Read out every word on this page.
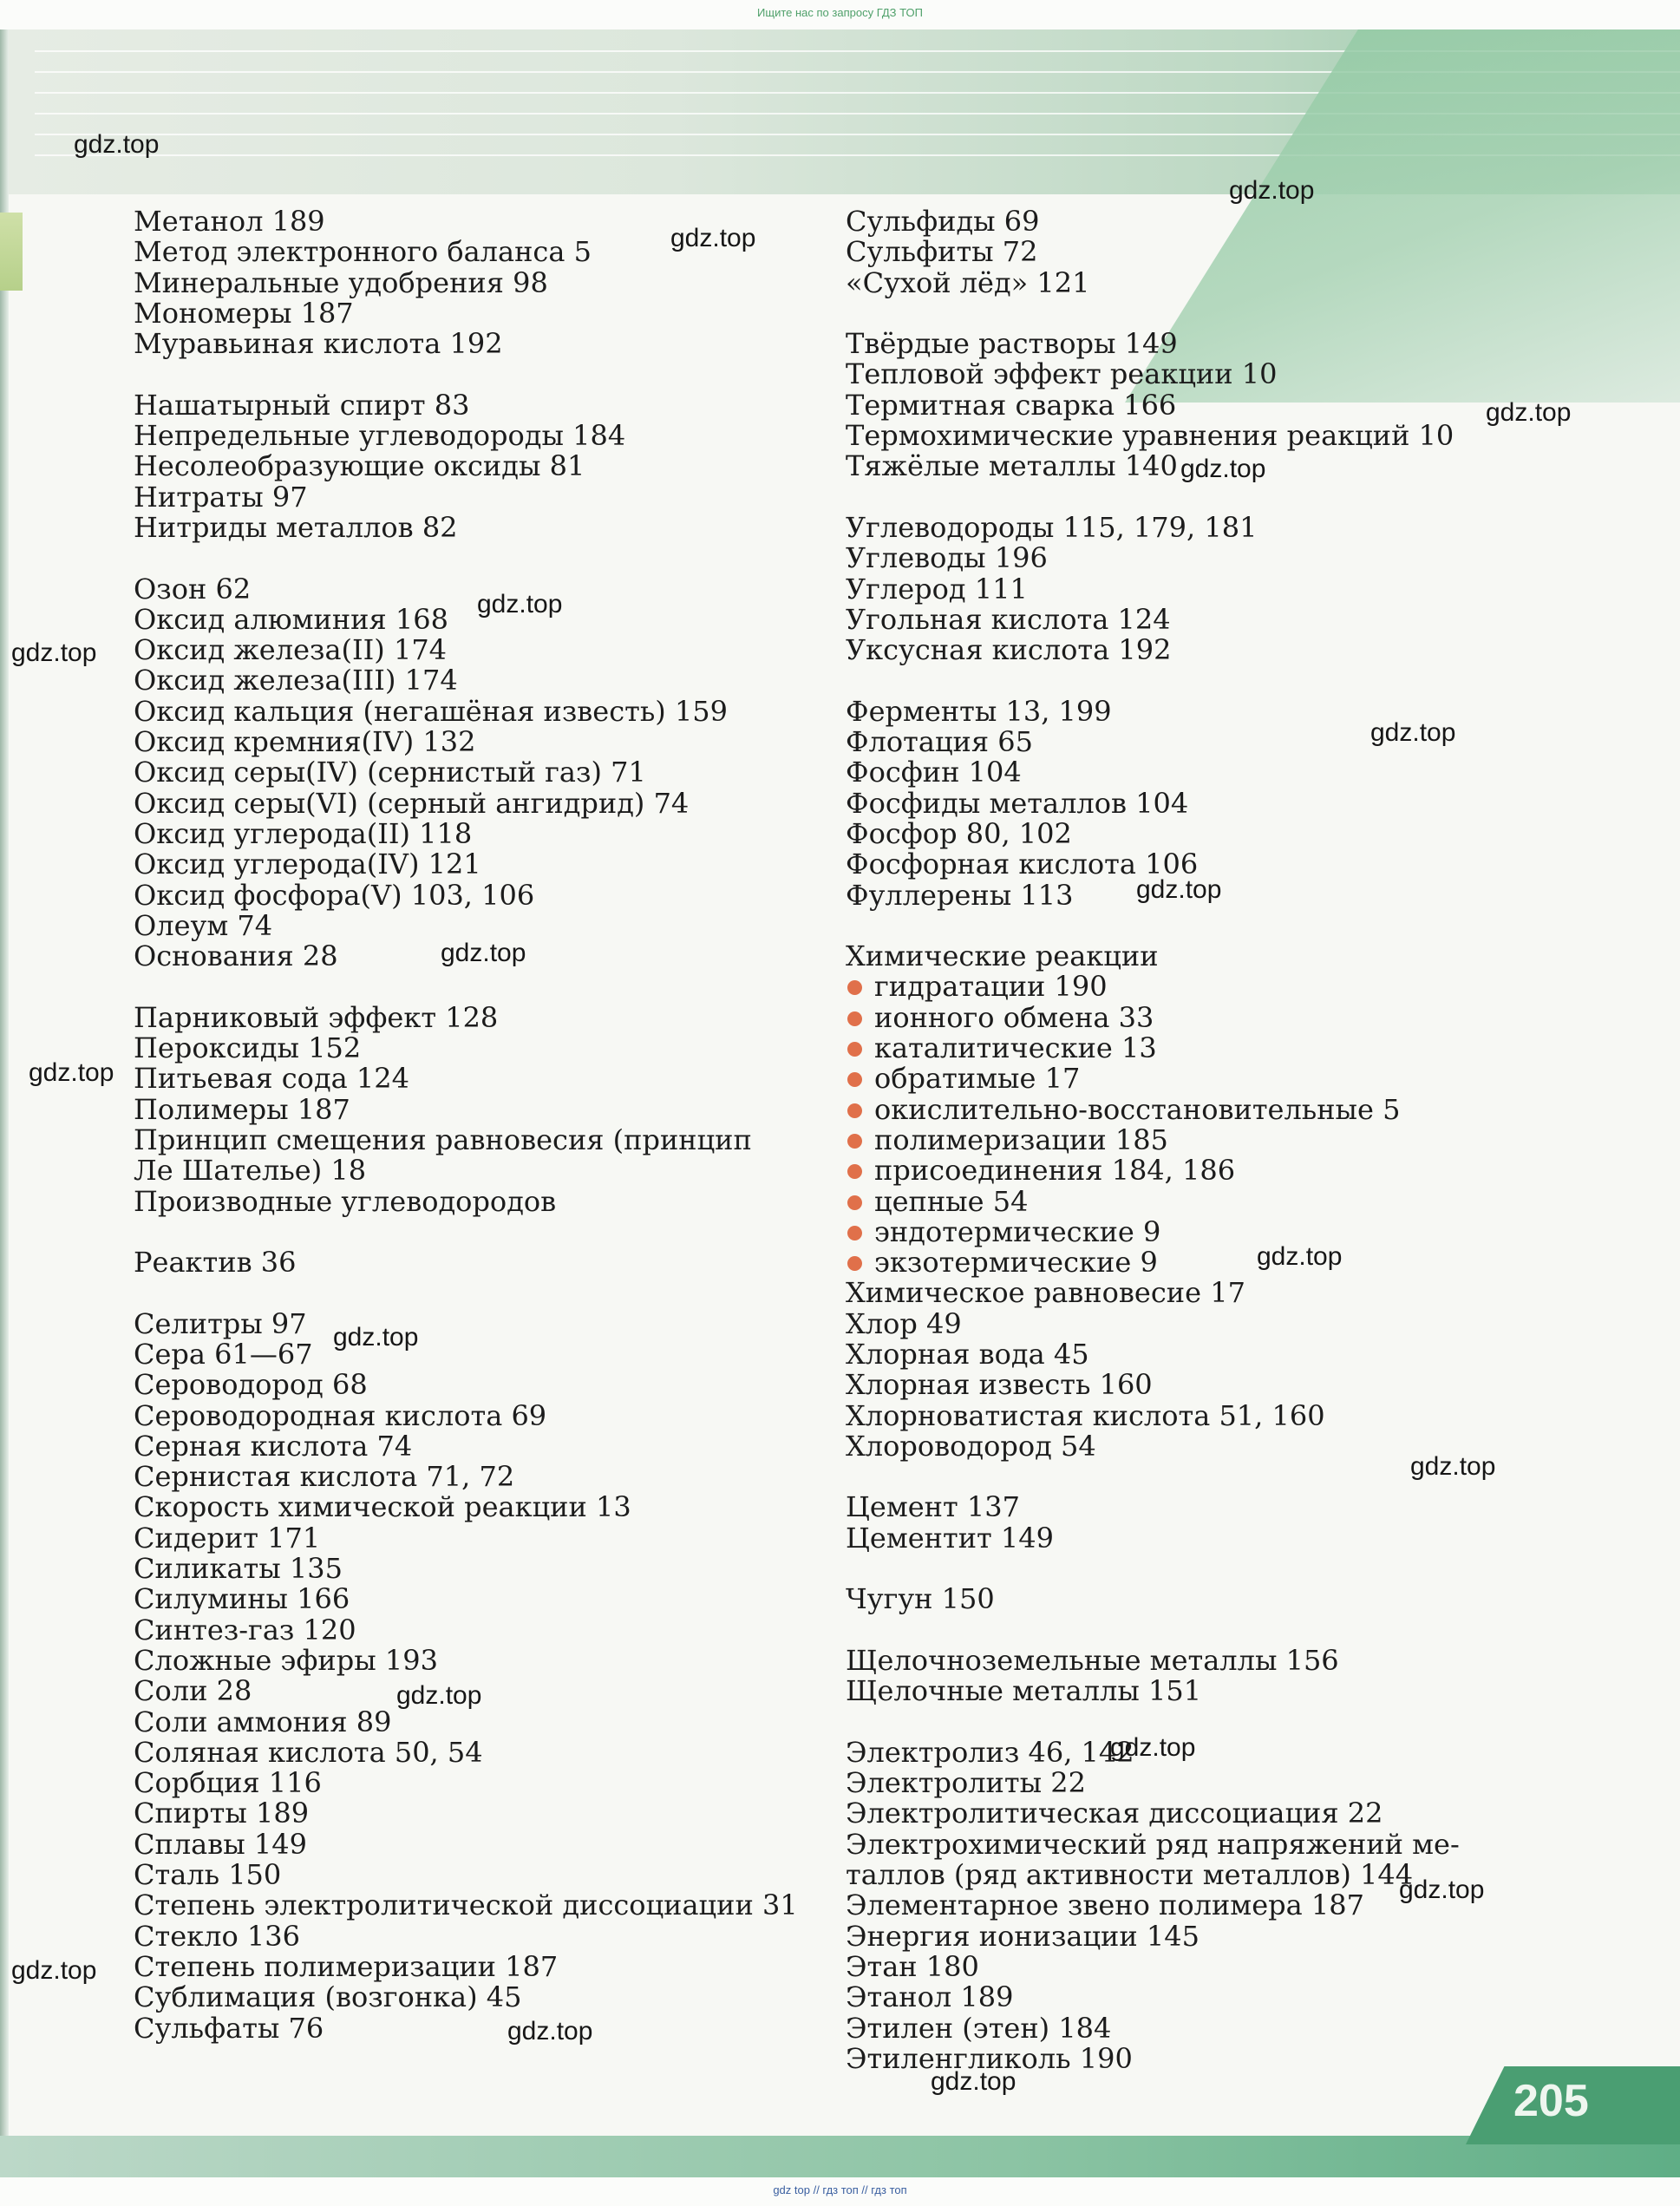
Ищите нас по запросу ГДЗ ТОП
Метанол 189
Метод электронного баланса 5
Минеральные удобрения 98
Мономеры 187
Муравьиная кислота 192
Нашатырный спирт 83
Непредельные углеводороды 184
Несолеобразующие оксиды 81
Нитраты 97
Нитриды металлов 82
Озон 62
Оксид алюминия 168
Оксид железа(II) 174
Оксид железа(III) 174
Оксид кальция (негашёная известь) 159
Оксид кремния(IV) 132
Оксид серы(IV) (сернистый газ) 71
Оксид серы(VI) (серный ангидрид) 74
Оксид углерода(II) 118
Оксид углерода(IV) 121
Оксид фосфора(V) 103, 106
Олеум 74
Основания 28
Парниковый эффект 128
Пероксиды 152
Питьевая сода 124
Полимеры 187
Принцип смещения равновесия (принцип
Ле Шателье) 18
Производные углеводородов
Реактив 36
Селитры 97
Сера 61—67
Сероводород 68
Сероводородная кислота 69
Серная кислота 74
Сернистая кислота 71, 72
Скорость химической реакции 13
Сидерит 171
Силикаты 135
Силумины 166
Синтез-газ 120
Сложные эфиры 193
Соли 28
Соли аммония 89
Соляная кислота 50, 54
Сорбция 116
Спирты 189
Сплавы 149
Сталь 150
Степень электролитической диссоциации 31
Стекло 136
Степень полимеризации 187
Сублимация (возгонка) 45
Сульфаты 76
Сульфиды 69
Сульфиты 72
«Сухой лёд» 121
Твёрдые растворы 149
Тепловой эффект реакции 10
Термитная сварка 166
Термохимические уравнения реакций 10
Тяжёлые металлы 140
Углеводороды 115, 179, 181
Углеводы 196
Углерод 111
Угольная кислота 124
Уксусная кислота 192
Ферменты 13, 199
Флотация 65
Фосфин 104
Фосфиды металлов 104
Фосфор 80, 102
Фосфорная кислота 106
Фуллерены 113
Химические реакции
гидратации 190
ионного обмена 33
каталитические 13
обратимые 17
окислительно-восстановительные 5
полимеризации 185
присоединения 184, 186
цепные 54
эндотермические 9
экзотермические 9
Химическое равновесие 17
Хлор 49
Хлорная вода 45
Хлорная известь 160
Хлорноватистая кислота 51, 160
Хлороводород 54
Цемент 137
Цементит 149
Чугун 150
Щелочноземельные металлы 156
Щелочные металлы 151
Электролиз 46, 142
Электролиты 22
Электролитическая диссоциация 22
Электрохимический ряд напряжений ме-
таллов (ряд активности металлов) 144
Элементарное звено полимера 187
Энергия ионизации 145
Этан 180
Этанол 189
Этилен (этен) 184
Этиленгликоль 190
gdz.top
gdz.top
gdz.top
gdz.top
gdz.top
gdz.top
gdz.top
gdz.top
gdz.top
gdz.top
gdz.top
gdz.top
gdz.top
gdz.top
gdz.top
gdz.top
gdz.top
gdz.top
gdz.top
gdz.top	205
gdz top // гдз топ // гдз топ
